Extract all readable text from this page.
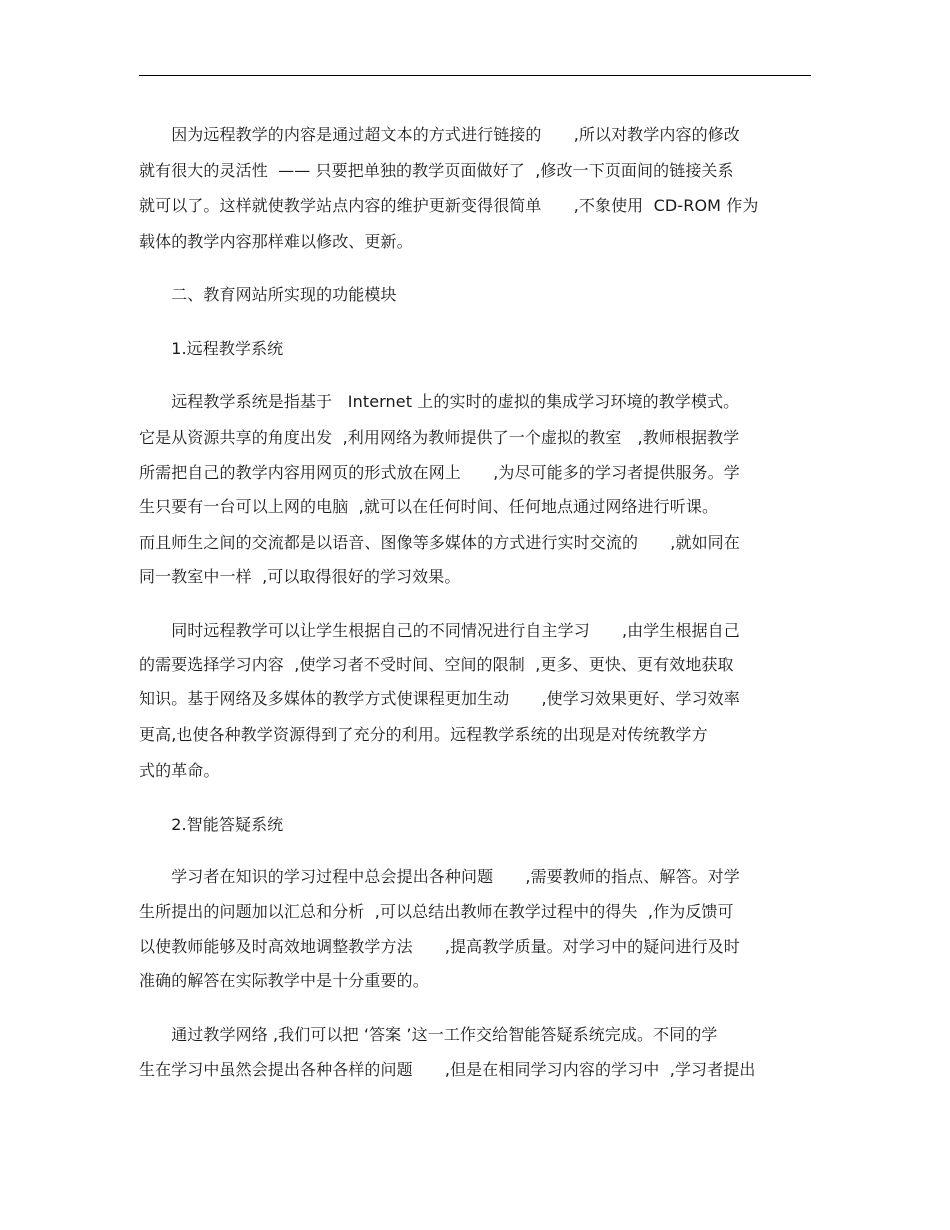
　　因为远程教学的内容是通过超文本的方式进行链接的　　,所以对教学内容的修改
就有很大的灵活性  —— 只要把单独的教学页面做好了  ,修改一下页面间的链接关系
就可以了。这样就使教学站点内容的维护更新变得很简单　　,不象使用  CD-ROM 作为
载体的教学内容那样难以修改、更新。
　　二、教育网站所实现的功能模块
　　1.远程教学系统
　　远程教学系统是指基于   Internet 上的实时的虚拟的集成学习环境的教学模式。
它是从资源共享的角度出发  ,利用网络为教师提供了一个虚拟的教室　,教师根据教学
所需把自己的教学内容用网页的形式放在网上　　,为尽可能多的学习者提供服务。学
生只要有一台可以上网的电脑  ,就可以在任何时间、任何地点通过网络进行听课。
而且师生之间的交流都是以语音、图像等多媒体的方式进行实时交流的　　,就如同在
同一教室中一样  ,可以取得很好的学习效果。
　　同时远程教学可以让学生根据自己的不同情况进行自主学习　　,由学生根据自己
的需要选择学习内容  ,使学习者不受时间、空间的限制  ,更多、更快、更有效地获取
知识。基于网络及多媒体的教学方式使课程更加生动　　,使学习效果更好、学习效率
更高,也使各种教学资源得到了充分的利用。远程教学系统的出现是对传统教学方
式的革命。
　　2.智能答疑系统
　　学习者在知识的学习过程中总会提出各种问题　　,需要教师的指点、解答。对学
生所提出的问题加以汇总和分析  ,可以总结出教师在教学过程中的得失  ,作为反馈可
以使教师能够及时高效地调整教学方法　　,提高教学质量。对学习中的疑问进行及时
准确的解答在实际教学中是十分重要的。
　　通过教学网络 ,我们可以把 ‘答案 ’这一工作交给智能答疑系统完成。不同的学
生在学习中虽然会提出各种各样的问题　　,但是在相同学习内容的学习中  ,学习者提出
